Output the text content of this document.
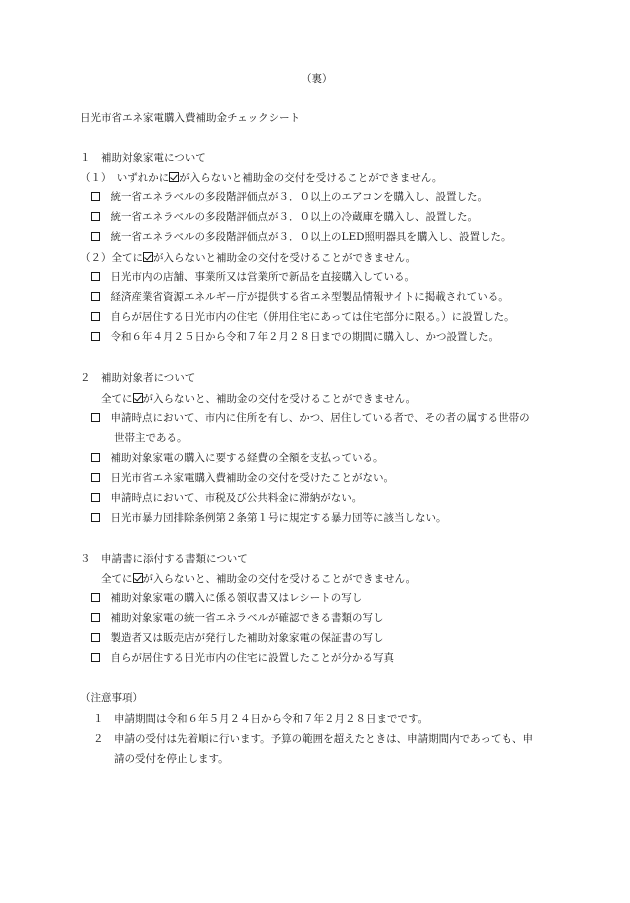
（裏）
日光市省エネ家電購入費補助金チェックシート
１　補助対象家電について
（１）　いずれかに が入らないと補助金の交付を受けることができません。
　統一省エネラベルの多段階評価点が３．０以上のエアコンを購入し、設置した。
　統一省エネラベルの多段階評価点が３．０以上の冷蔵庫を購入し、設置した。
　統一省エネラベルの多段階評価点が３．０以上のLED照明器具を購入し、設置した。
（２）全てに が入らないと補助金の交付を受けることができません。
　日光市内の店舗、事業所又は営業所で新品を直接購入している。
　経済産業省資源エネルギー庁が提供する省エネ型製品情報サイトに掲載されている。
　自らが居住する日光市内の住宅（併用住宅にあっては住宅部分に限る。）に設置した。
　令和６年４月２５日から令和７年２月２８日までの期間に購入し、かつ設置した。
２　補助対象者について
全てに が入らないと、補助金の交付を受けることができません。
　申請時点において、市内に住所を有し、かつ、居住している者で、その者の属する世帯の
世帯主である。
　補助対象家電の購入に要する経費の全額を支払っている。
　日光市省エネ家電購入費補助金の交付を受けたことがない。
　申請時点において、市税及び公共料金に滞納がない。
　日光市暴力団排除条例第２条第１号に規定する暴力団等に該当しない。
３　申請書に添付する書類について
全てに が入らないと、補助金の交付を受けることができません。
　補助対象家電の購入に係る領収書又はレシートの写し
　補助対象家電の統一省エネラベルが確認できる書類の写し
　製造者又は販売店が発行した補助対象家電の保証書の写し
　自らが居住する日光市内の住宅に設置したことが分かる写真
（注意事項）
１ 申請期間は令和６年５月２４日から令和７年２月２８日までです。
２ 申請の受付は先着順に行います。予算の範囲を超えたときは、申請期間内であっても、申
請の受付を停止します。
